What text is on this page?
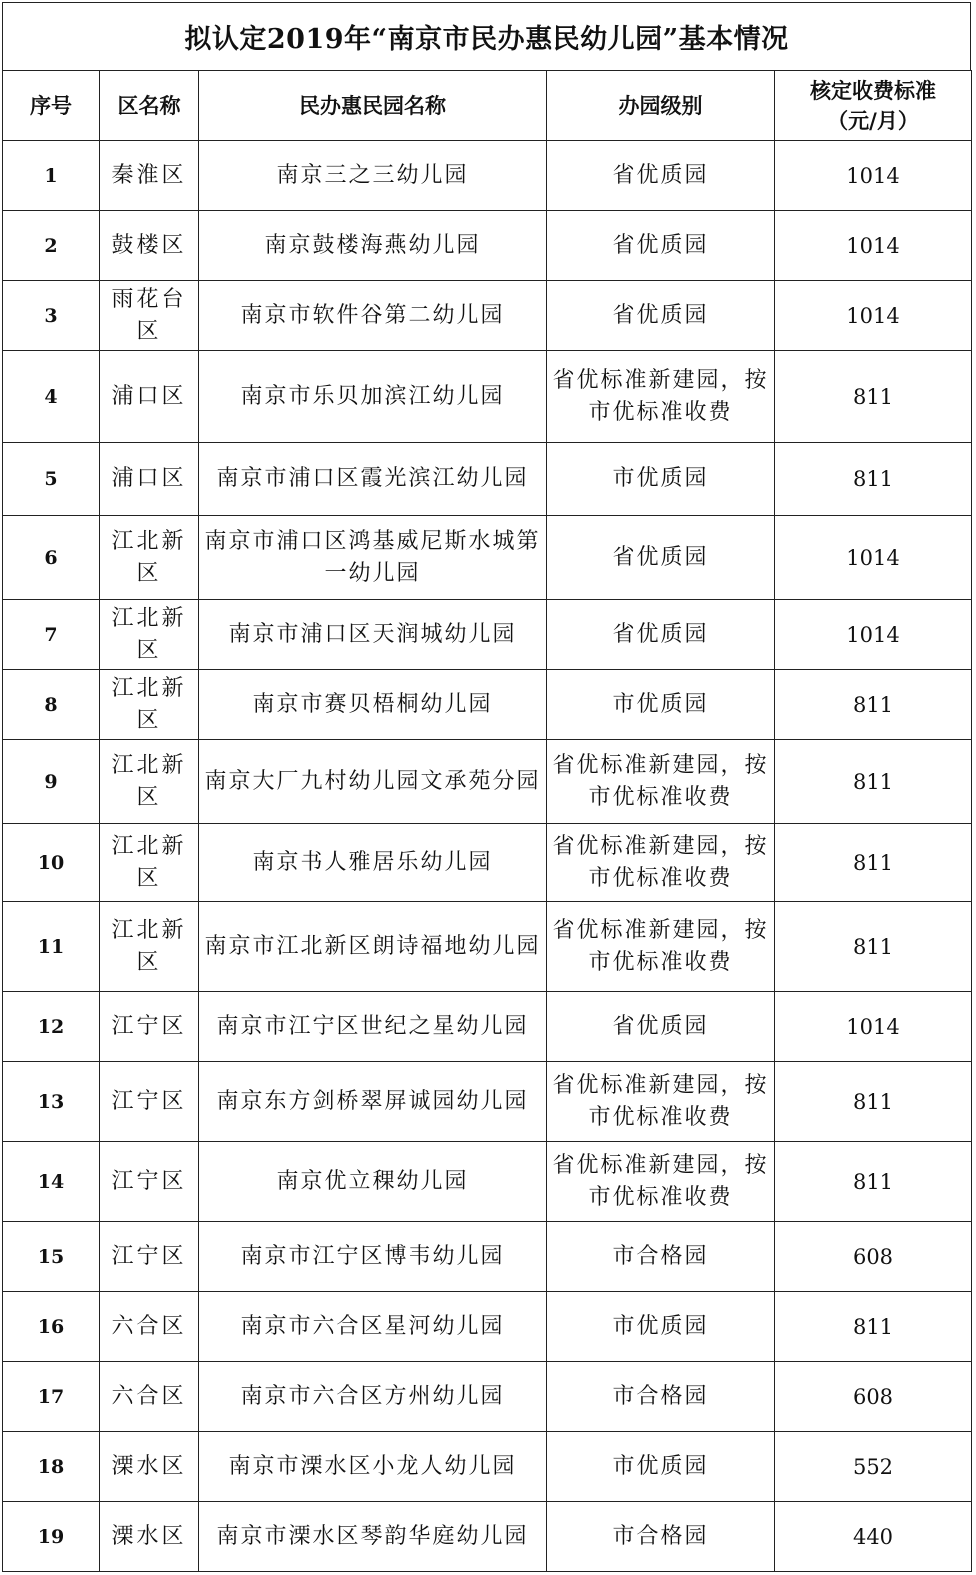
拟认定2019年“南京市民办惠民幼儿园”基本情况
序号	区名称	民办惠民园名称	办园级别	核定收费标准
（元/月）

1	秦淮区	南京三之三幼儿园	省优质园	1014
2	鼓楼区	南京鼓楼海燕幼儿园	省优质园	1014
3	雨花台区	南京市软件谷第二幼儿园	省优质园	1014
4	浦口区	南京市乐贝加滨江幼儿园	省优标准新建园，按市优标准收费	811
5	浦口区	南京市浦口区霞光滨江幼儿园	市优质园	811
6	江北新区	南京市浦口区鸿基威尼斯水城第一幼儿园	省优质园	1014
7	江北新区	南京市浦口区天润城幼儿园	省优质园	1014
8	江北新区	南京市赛贝梧桐幼儿园	市优质园	811
9	江北新区	南京大厂九村幼儿园文承苑分园	省优标准新建园，按市优标准收费	811
10	江北新区	南京书人雅居乐幼儿园	省优标准新建园，按市优标准收费	811
11	江北新区	南京市江北新区朗诗福地幼儿园	省优标准新建园，按市优标准收费	811
12	江宁区	南京市江宁区世纪之星幼儿园	省优质园	1014
13	江宁区	南京东方剑桥翠屏诚园幼儿园	省优标准新建园，按市优标准收费	811
14	江宁区	南京优立稞幼儿园	省优标准新建园，按市优标准收费	811
15	江宁区	南京市江宁区博韦幼儿园	市合格园	608
16	六合区	南京市六合区星河幼儿园	市优质园	811
17	六合区	南京市六合区方州幼儿园	市合格园	608
18	溧水区	南京市溧水区小龙人幼儿园	市优质园	552
19	溧水区	南京市溧水区琴韵华庭幼儿园	市合格园	440
